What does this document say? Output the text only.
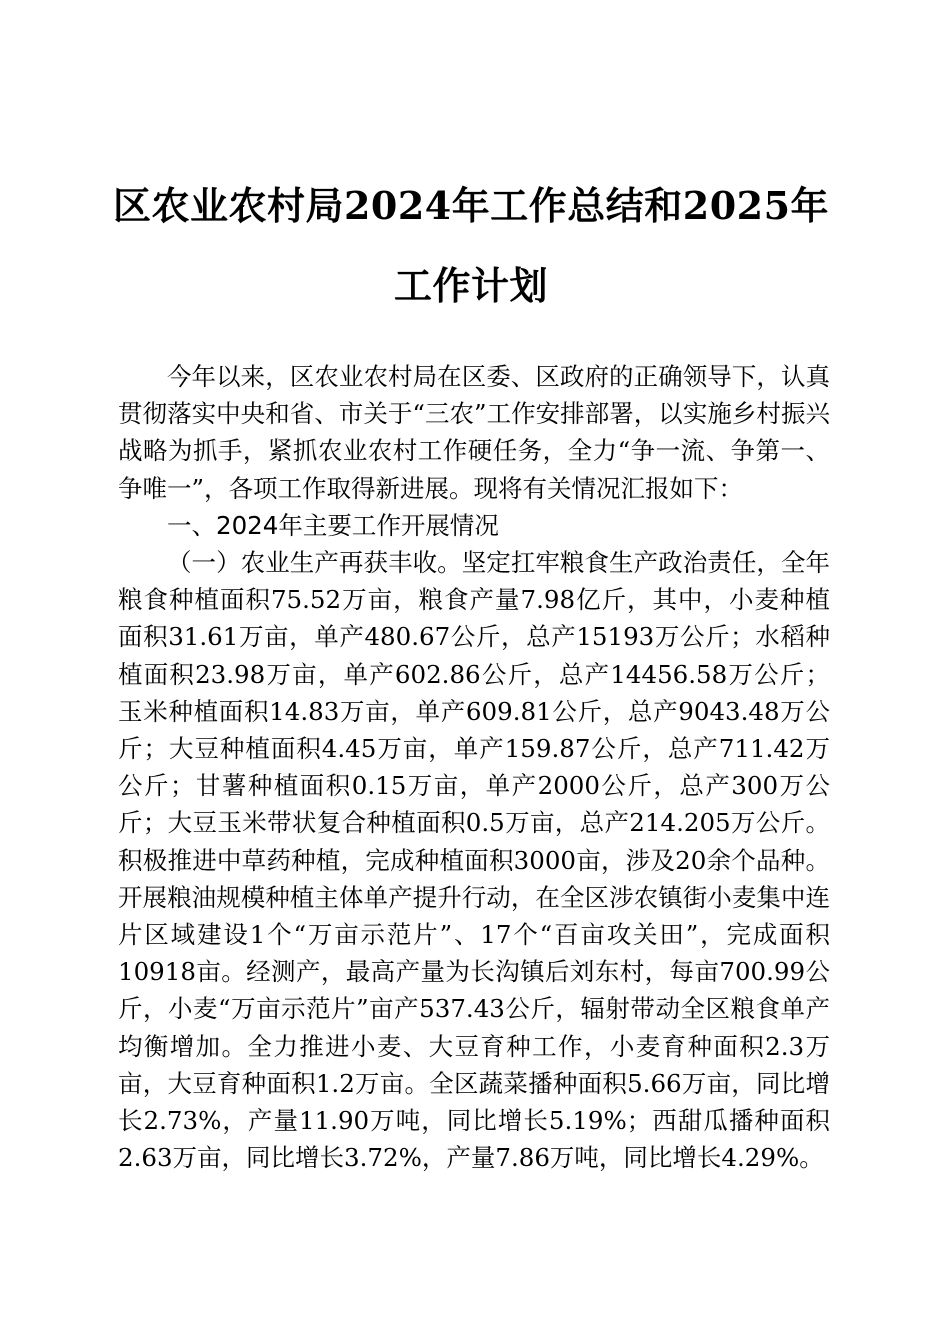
区农业农村局2024年工作总结和2025年工作计划

今年以来，区农业农村局在区委、区政府的正确领导下，认真贯彻落实中央和省、市关于“三农”工作安排部署，以实施乡村振兴战略为抓手，紧抓农业农村工作硬任务，全力“争一流、争第一、争唯一”，各项工作取得新进展。现将有关情况汇报如下：

一、2024年主要工作开展情况

（一）农业生产再获丰收。坚定扛牢粮食生产政治责任，全年粮食种植面积75.52万亩，粮食产量7.98亿斤，其中，小麦种植面积31.61万亩，单产480.67公斤，总产15193万公斤；水稻种植面积23.98万亩，单产602.86公斤，总产14456.58万公斤；玉米种植面积14.83万亩，单产609.81公斤，总产9043.48万公斤；大豆种植面积4.45万亩，单产159.87公斤，总产711.42万公斤；甘薯种植面积0.15万亩，单产2000公斤，总产300万公斤；大豆玉米带状复合种植面积0.5万亩，总产214.205万公斤。积极推进中草药种植，完成种植面积3000亩，涉及20余个品种。开展粮油规模种植主体单产提升行动，在全区涉农镇街小麦集中连片区域建设1个“万亩示范片”、17个“百亩攻关田”，完成面积10918亩。经测产，最高产量为长沟镇后刘东村，每亩700.99公斤，小麦“万亩示范片”亩产537.43公斤，辐射带动全区粮食单产均衡增加。全力推进小麦、大豆育种工作，小麦育种面积2.3万亩，大豆育种面积1.2万亩。全区蔬菜播种面积5.66万亩，同比增长2.73%，产量11.90万吨，同比增长5.19%；西甜瓜播种面积2.63万亩，同比增长3.72%，产量7.86万吨，同比增长4.29%。
